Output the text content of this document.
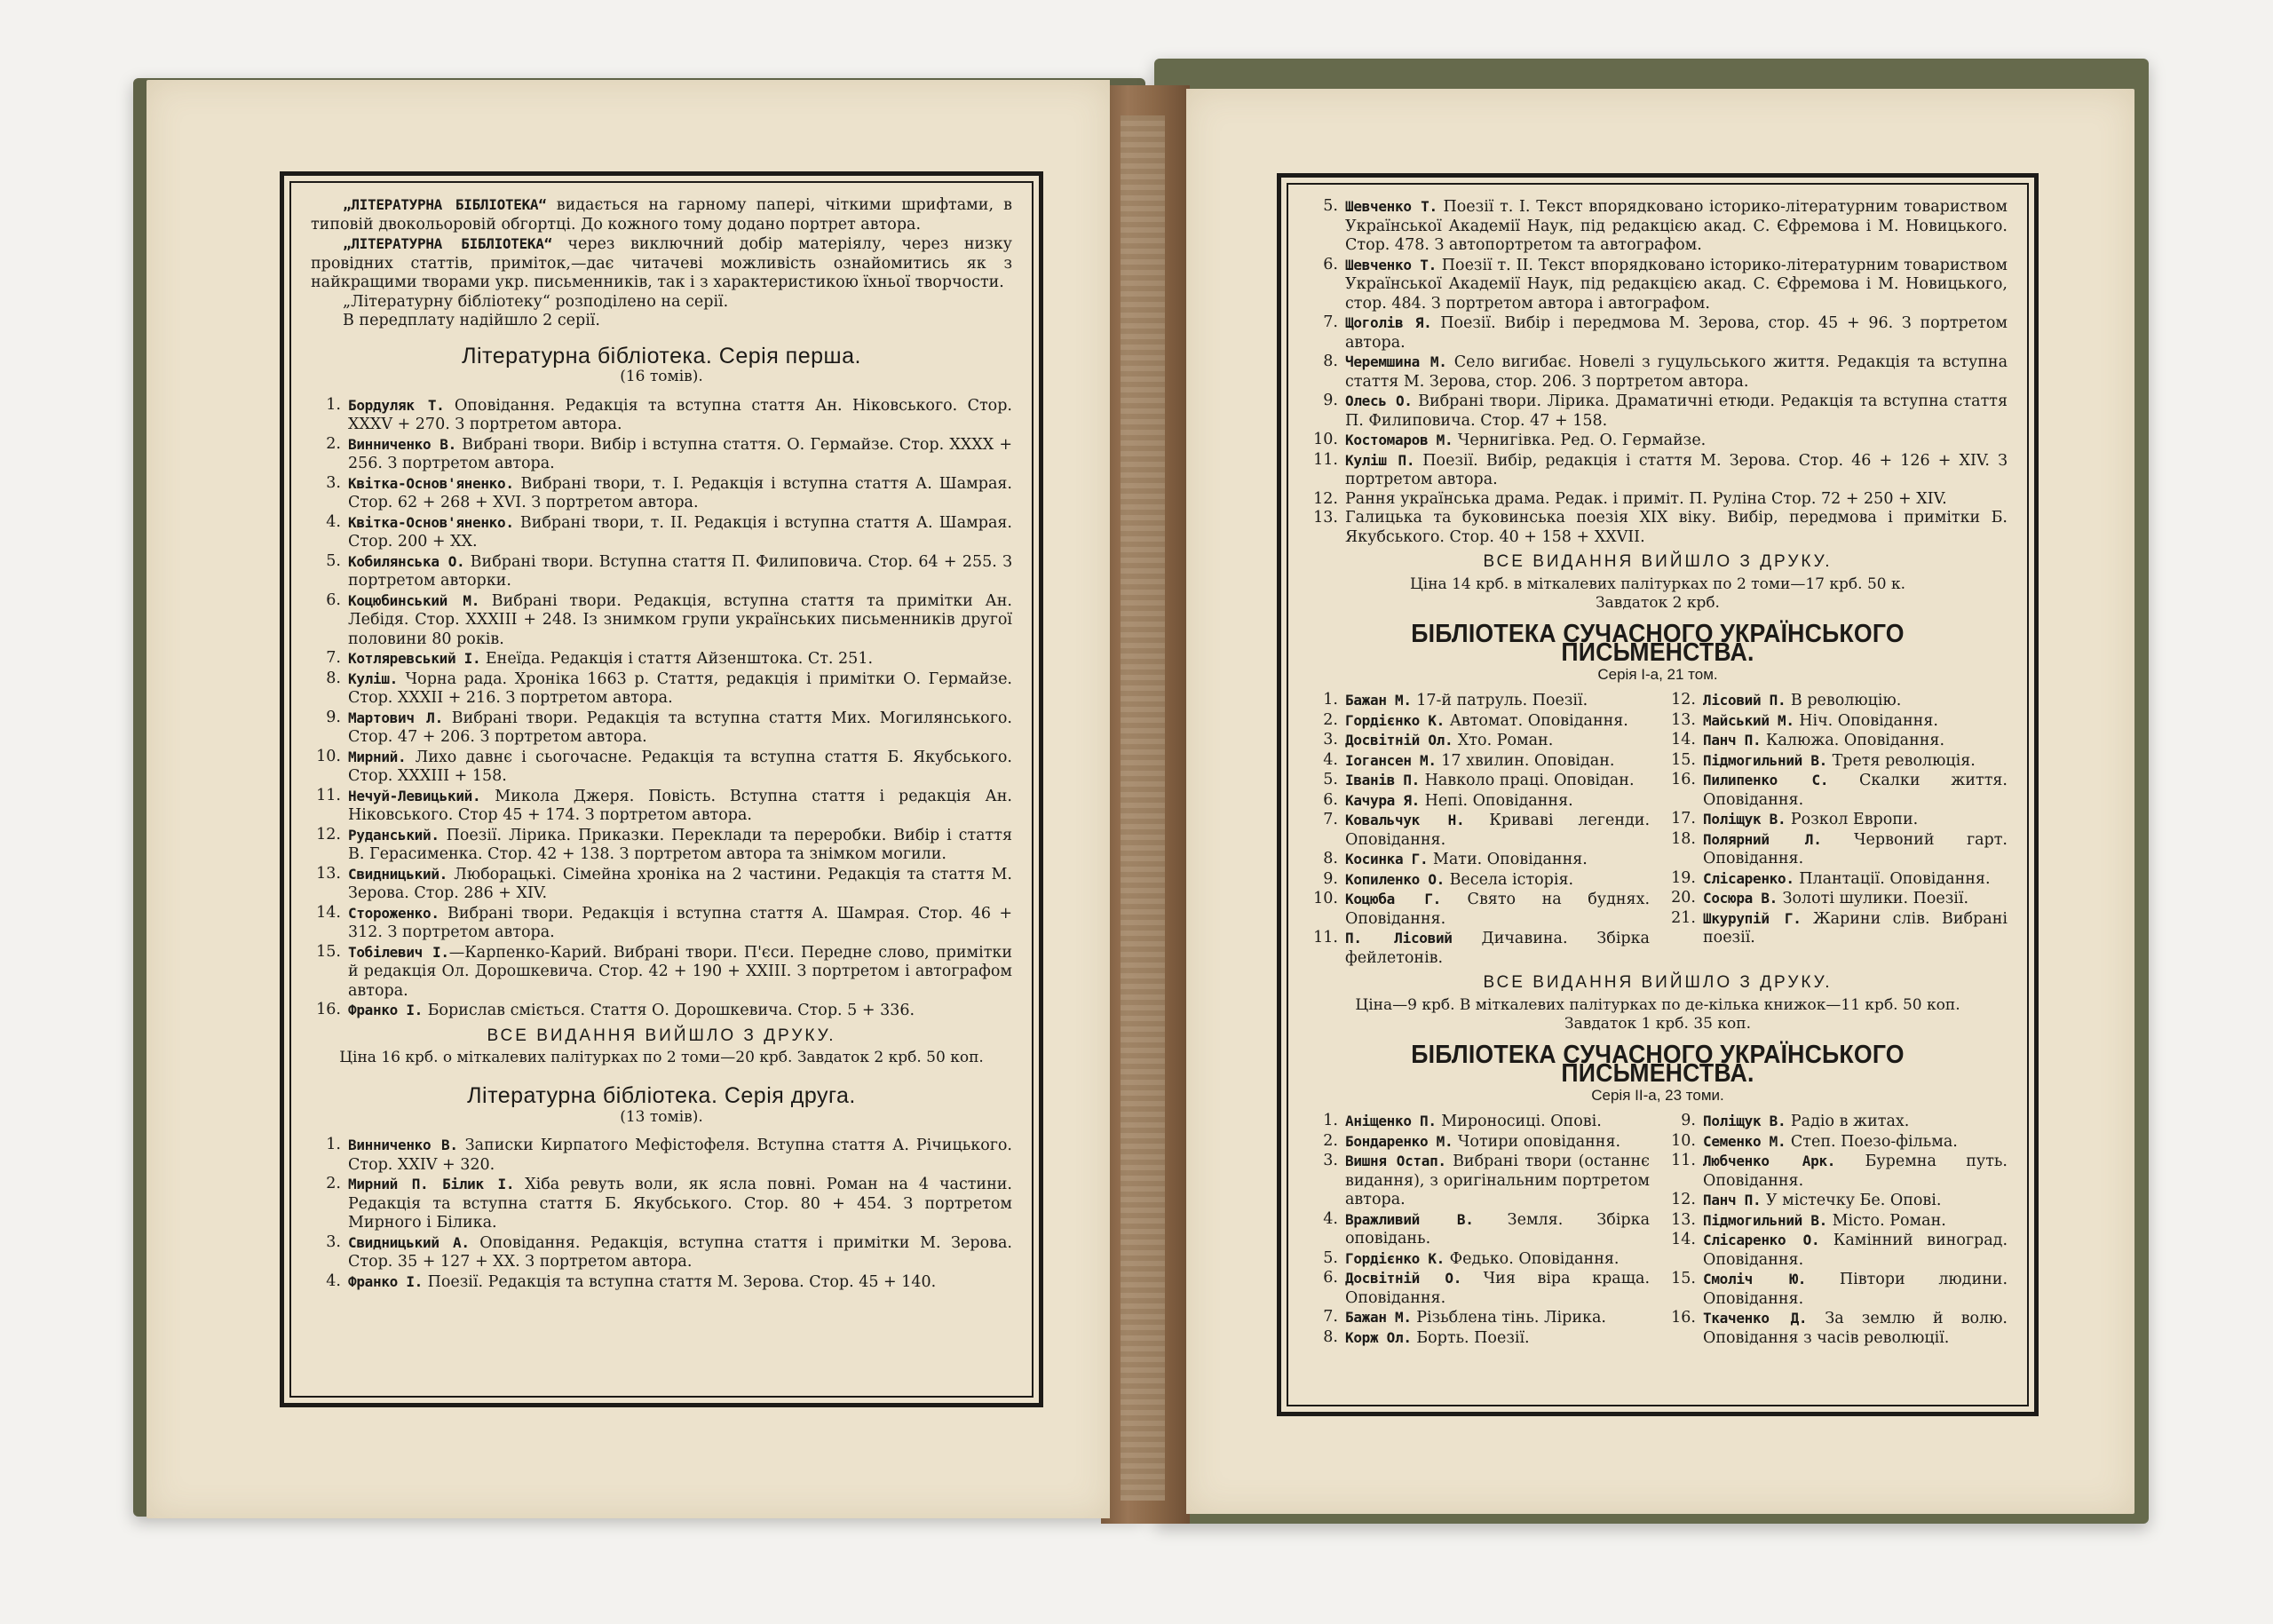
„ЛІТЕРАТУРНА БІБЛІОТЕКА“ видається на гарному папері, чіткими шрифтами, в типовій двокольоровій обгортці. До кожного тому додано портрет автора.

„ЛІТЕРАТУРНА БІБЛІОТЕКА“ через виключний добір матеріялу, через низку провідних статтів, приміток,—дає читачеві можливість ознайомитись як з найкращими творами укр. письменників, так і з характеристикою їхньої творчости.

„Літературну бібліотеку“ розподілено на серії.

В передплату надійшло 2 серії.

Літературна бібліотека. Серія перша.
(16 томів).
1. Бордуляк Т. Оповідання. Редакція та вступна стаття Ан. Ніковського. Стор. XXXV + 270. З портретом автора.
2. Винниченко В. Вибрані твори. Вибір і вступна стаття. О. Гермайзе. Стор. XXXX + 256. З портретом автора.
3. Квітка-Основ'яненко. Вибрані твори, т. I. Редакція і вступна стаття А. Шамрая. Стор. 62 + 268 + XVI. З портретом автора.
4. Квітка-Основ'яненко. Вибрані твори, т. II. Редакція і вступна стаття А. Шамрая. Стор. 200 + XX.
5. Кобилянська О. Вибрані твори. Вступна стаття П. Филиповича. Стор. 64 + 255. З портретом авторки.
6. Коцюбинський М. Вибрані твори. Редакція, вступна стаття та примітки Ан. Лебідя. Стор. XXXIII + 248. Із знимком групи українських письменників другої половини 80 років.
7. Котляревський І. Енеїда. Редакція і стаття Айзенштока. Ст. 251.
8. Куліш. Чорна рада. Хроніка 1663 р. Стаття, редакція і примітки О. Гермайзе. Стор. XXXII + 216. З портретом автора.
9. Мартович Л. Вибрані твори. Редакція та вступна стаття Мих. Могилянського. Стор. 47 + 206. З портретом автора.
10. Мирний. Лихо давнє і сьогочасне. Редакція та вступна стаття Б. Якубського. Стор. XXXIII + 158.
11. Нечуй-Левицький. Микола Джеря. Повість. Вступна стаття і редакція Ан. Ніковського. Стор 45 + 174. З портретом автора.
12. Руданський. Поезії. Лірика. Приказки. Переклади та переробки. Вибір і стаття В. Герасименка. Стор. 42 + 138. З портретом автора та знімком могили.
13. Свидницький. Люборацькі. Сімейна хроніка на 2 частини. Редакція та стаття М. Зерова. Стор. 286 + XIV.
14. Стороженко. Вибрані твори. Редакція і вступна стаття А. Шамрая. Стор. 46 + 312. З портретом автора.
15. Тобілевич І.—Карпенко-Карий. Вибрані твори. П'єси. Передне слово, примітки й редакція Ол. Дорошкевича. Стор. 42 + 190 + XXIII. З портретом і автографом автора.
16. Франко І. Борислав сміється. Стаття О. Дорошкевича. Стор. 5 + 336.
ВСЕ ВИДАННЯ ВИЙШЛО З ДРУКУ.

Ціна 16 крб. о міткалевих палітурках по 2 томи—20 крб. Завдаток 2 крб. 50 коп.

Літературна бібліотека. Серія друга.
(13 томів).
1. Винниченко В. Записки Кирпатого Мефістофеля. Вступна стаття А. Річицького. Стор. XXIV + 320.
2. Мирний П. Білик І. Хіба ревуть воли, як ясла повні. Роман на 4 частини. Редакція та вступна стаття Б. Якубського. Стор. 80 + 454. З портретом Мирного і Білика.
3. Свидницький А. Оповідання. Редакція, вступна стаття і примітки М. Зерова. Стор. 35 + 127 + XX. З портретом автора.
4. Франко І. Поезії. Редакція та вступна стаття М. Зерова. Стор. 45 + 140.
5. Шевченко Т. Поезії т. I. Текст впорядковано історико-літературним товариством Української Академії Наук, під редакцією акад. С. Єфремова і М. Новицького. Стор. 478. З автопортретом та автографом.
6. Шевченко Т. Поезії т. II. Текст впорядковано історико-літературним товариством Української Академії Наук, під редакцією акад. С. Єфремова і М. Новицького, стор. 484. З портретом автора і автографом.
7. Щоголів Я. Поезії. Вибір і передмова М. Зерова, стор. 45 + 96. З портретом автора.
8. Черемшина М. Село вигибає. Новелі з гуцульського життя. Редакція та вступна стаття М. Зерова, стор. 206. З портретом автора.
9. Олесь О. Вибрані твори. Лірика. Драматичні етюди. Редакція та вступна стаття П. Филиповича. Стор. 47 + 158.
10. Костомаров М. Чернигівка. Ред. О. Гермайзе.
11. Куліш П. Поезії. Вибір, редакція і стаття М. Зерова. Стор. 46 + 126 + XIV. З портретом автора.
12. Рання українська драма. Редак. і приміт. П. Руліна Стор. 72 + 250 + XIV.
13. Галицька та буковинська поезія XIX віку. Вибір, передмова і примітки Б. Якубського. Стор. 40 + 158 + XXVII.
ВСЕ ВИДАННЯ ВИЙШЛО З ДРУКУ.

Ціна 14 крб. в міткалевих палітурках по 2 томи—17 крб. 50 к.

Завдаток 2 крб.

БІБЛІОТЕКА СУЧАСНОГО УКРАЇНСЬКОГО ПИСЬМЕНСТВА.
Серія І-а, 21 том.
1. Бажан М. 17-й патруль. Поезії.
2. Гордієнко К. Автомат. Оповідання.
3. Досвітній Ол. Хто. Роман.
4. Іогансен М. 17 хвилин. Оповідан.
5. Іванів П. Навколо праці. Оповідан.
6. Качура Я. Непі. Оповідання.
7. Ковальчук Н. Криваві легенди. Оповідання.
8. Косинка Г. Мати. Оповідання.
9. Копиленко О. Весела історія.
10. Коцюба Г. Свято на буднях. Оповідання.
11. П. Лісовий Дичавина. Збірка фейлетонів.
12. Лісовий П. В революцію.
13. Майський М. Ніч. Оповідання.
14. Панч П. Калюжа. Оповідання.
15. Підмогильний В. Третя революція.
16. Пилипенко С. Скалки життя. Оповідання.
17. Поліщук В. Розкол Европи.
18. Полярний Л. Червоний гарт. Оповідання.
19. Слісаренко. Плантації. Оповідання.
20. Сосюра В. Золоті шулики. Поезії.
21. Шкурупій Г. Жарини слів. Вибрані поезії.
ВСЕ ВИДАННЯ ВИЙШЛО З ДРУКУ.

Ціна—9 крб. В міткалевих палітурках по де-кілька книжок—11 крб. 50 коп.

Завдаток 1 крб. 35 коп.

БІБЛІОТЕКА СУЧАСНОГО УКРАЇНСЬКОГО ПИСЬМЕНСТВА.
Серія ІІ-а, 23 томи.
1. Аніщенко П. Мироносиці. Опові.
2. Бондаренко М. Чотири оповідання.
3. Вишня Остап. Вибрані твори (останнє видання), з оригінальним портретом автора.
4. Вражливий В. Земля. Збірка оповідань.
5. Гордієнко К. Федько. Оповідання.
6. Досвітній О. Чия віра краща. Оповідання.
7. Бажан М. Різьблена тінь. Лірика.
8. Корж Ол. Борть. Поезії.
9. Поліщук В. Радіо в житах.
10. Семенко М. Степ. Поезо-фільма.
11. Любченко Арк. Буремна путь. Оповідання.
12. Панч П. У містечку Бе. Опові.
13. Підмогильний В. Місто. Роман.
14. Слісаренко О. Камінний виноград. Оповідання.
15. Смоліч Ю. Півтори людини. Оповідання.
16. Ткаченко Д. За землю й волю. Оповідання з часів революції.
